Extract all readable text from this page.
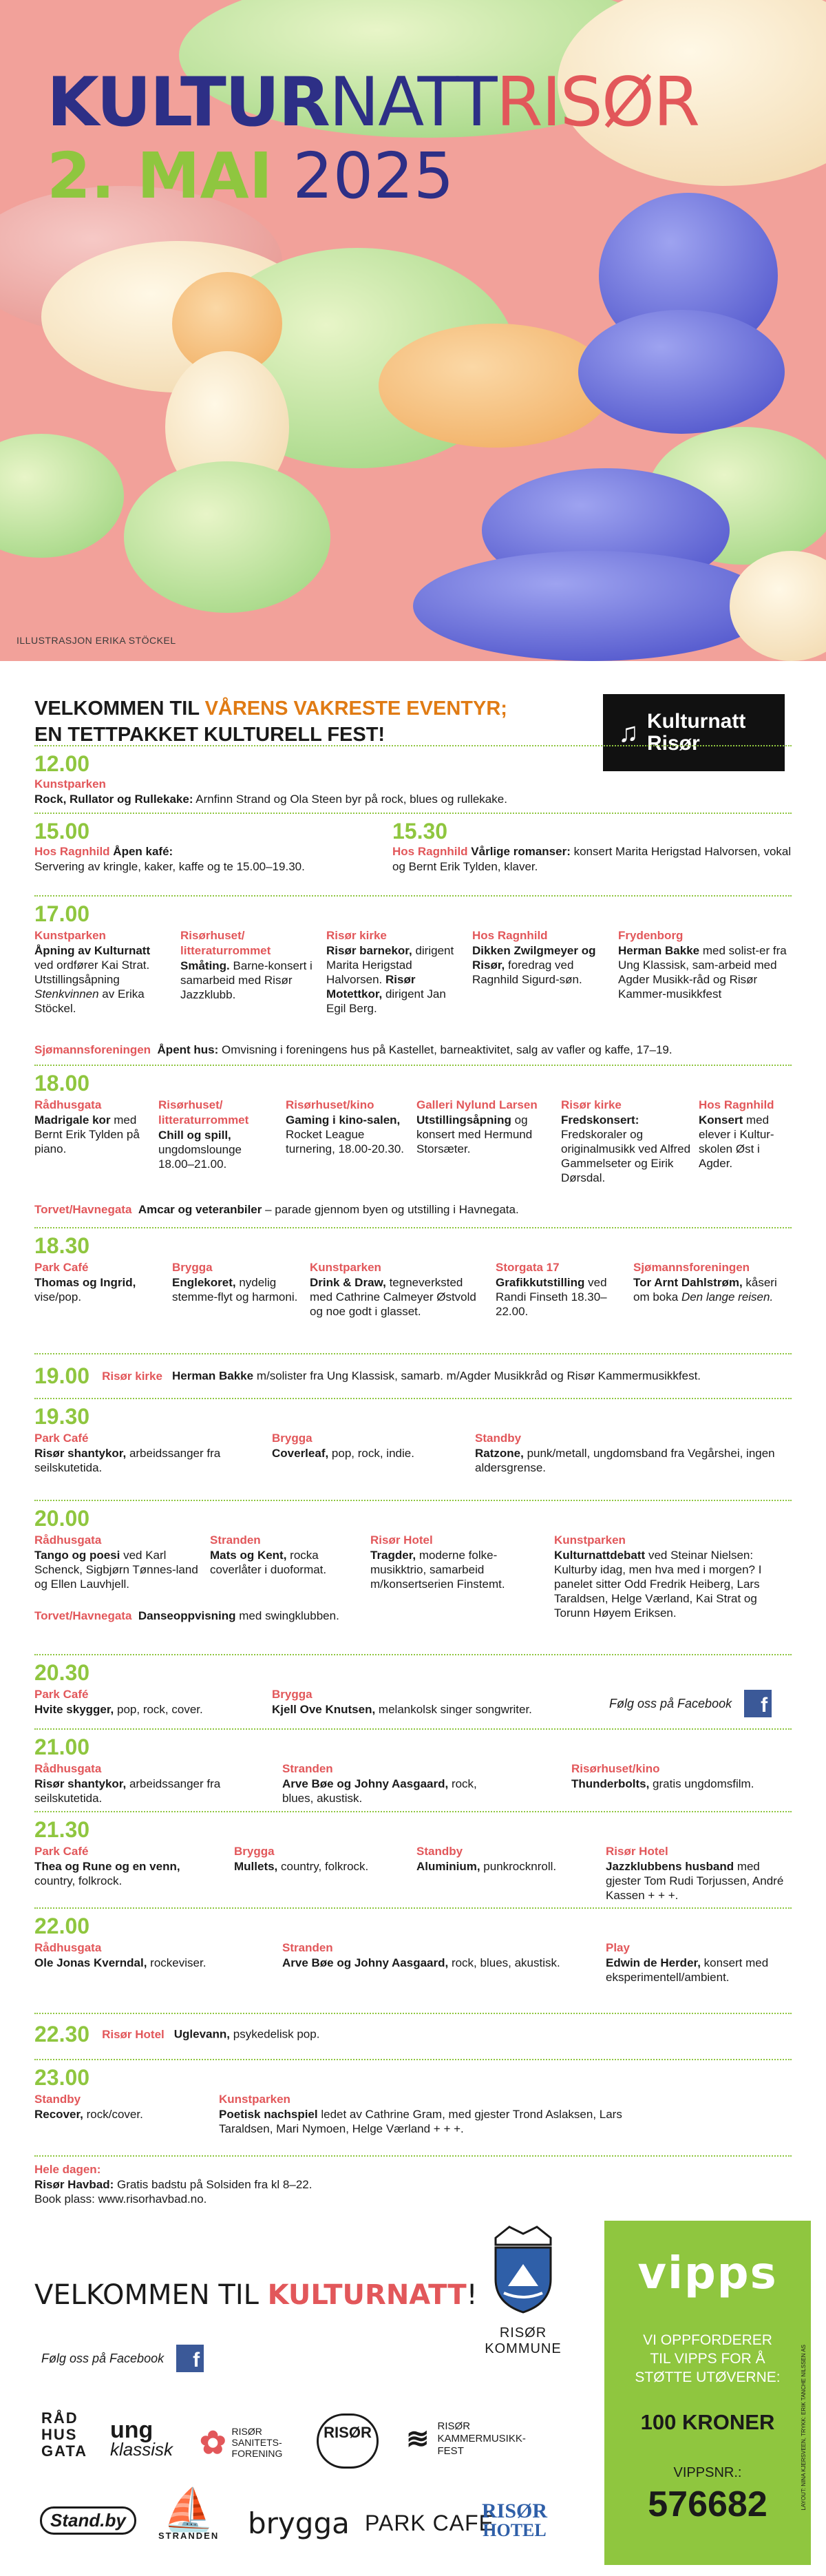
KULTURNATTRISØR
2. MAI 2025
ILLUSTRASJON ERIKA STÖCKEL
VELKOMMEN TIL VÅRENS VAKRESTE EVENTYR;
EN TETTPAKKET KULTURELL FEST!	♫ Kulturnatt
Risør
12.00
Kunstparken
Rock, Rullator og Rullekake: Arnfinn Strand og Ola Steen byr på rock, blues og rullekake.
15.00
Hos Ragnhild Åpen kafé:
Servering av kringle, kaker, kaffe og te 15.00–19.30.
15.30
Hos Ragnhild Vårlige romanser: konsert Marita Herigstad Halvorsen, vokal og Bernt Erik Tylden, klaver.
17.00
Kunstparken
Åpning av Kulturnatt ved ordfører Kai Strat. Utstillingsåpning Stenkvinnen av Erika Stöckel.
Risørhuset/ litteraturrommet
Småting. Barne-konsert i samarbeid med Risør Jazzklubb.
Risør kirke
Risør barnekor, dirigent Marita Herigstad Halvorsen. Risør Motettkor, dirigent Jan Egil Berg.
Hos Ragnhild
Dikken Zwilgmeyer og Risør, foredrag ved Ragnhild Sigurd-søn.
Frydenborg
Herman Bakke med solist-er fra Ung Klassisk, sam-arbeid med Agder Musikk-råd og Risør Kammer-musikkfest
Sjømannsforeningen Åpent hus: Omvisning i foreningens hus på Kastellet, barneaktivitet, salg av vafler og kaffe, 17–19.
18.00
Rådhusgata
Madrigale kor med Bernt Erik Tylden på piano.
Risørhuset/ litteraturrommet
Chill og spill, ungdomslounge 18.00–21.00.
Risørhuset/kino
Gaming i kino-salen, Rocket League turnering, 18.00-20.30.
Galleri Nylund Larsen
Utstillingsåpning og konsert med Hermund Storsæter.
Risør kirke
Fredskonsert: Fredskoraler og originalmusikk ved Alfred Gammelseter og Eirik Dørsdal.
Hos Ragnhild
Konsert med elever i Kultur-skolen Øst i Agder.
Torvet/Havnegata Amcar og veteranbiler – parade gjennom byen og utstilling i Havnegata.
18.30
Park Café
Thomas og Ingrid, vise/pop.
Brygga
Englekoret, nydelig stemme-flyt og harmoni.
Kunstparken
Drink & Draw, tegneverksted med Cathrine Calmeyer Østvold og noe godt i glasset.
Storgata 17
Grafikkutstilling ved Randi Finseth 18.30–22.00.
Sjømannsforeningen
Tor Arnt Dahlstrøm, kåseri om boka Den lange reisen.
19.00 Risør kirke Herman Bakke m/solister fra Ung Klassisk, samarb. m/Agder Musikkråd og Risør Kammermusikkfest.
19.30
Park Café
Risør shantykor, arbeidssanger fra seilskutetida.
Brygga
Coverleaf, pop, rock, indie.
Standby
Ratzone, punk/metall, ungdomsband fra Vegårshei, ingen aldersgrense.
20.00
Rådhusgata
Tango og poesi ved Karl Schenck, Sigbjørn Tønnes-land og Ellen Lauvhjell.
Stranden
Mats og Kent, rocka coverlåter i duoformat.
Risør Hotel
Tragder, moderne folke-musikktrio, samarbeid m/konsertserien Finstemt.
Kunstparken
Kulturnattdebatt ved Steinar Nielsen: Kulturby idag, men hva med i morgen? I panelet sitter Odd Fredrik Heiberg, Lars Taraldsen, Helge Værland, Kai Strat og Torunn Høyem Eriksen.
Torvet/Havnegata Danseoppvisning med swingklubben.
20.30
Park Café
Hvite skygger, pop, rock, cover.
Brygga
Kjell Ove Knutsen, melankolsk singer songwriter.	Følg oss på Facebook	f
21.00
Rådhusgata
Risør shantykor, arbeidssanger fra seilskutetida.
Stranden
Arve Bøe og Johny Aasgaard, rock, blues, akustisk.
Risørhuset/kino
Thunderbolts, gratis ungdomsfilm.
21.30
Park Café
Thea og Rune og en venn, country, folkrock.
Brygga
Mullets, country, folkrock.
Standby
Aluminium, punkrocknroll.
Risør Hotel
Jazzklubbens husband med gjester Tom Rudi Torjussen, André Kassen + + +.
22.00
Rådhusgata
Ole Jonas Kverndal, rockeviser.
Stranden
Arve Bøe og Johny Aasgaard, rock, blues, akustisk.
Play
Edwin de Herder, konsert med eksperimentell/ambient.
22.30 Risør Hotel Uglevann, psykedelisk pop.
23.00
Standby
Recover, rock/cover.
Kunstparken
Poetisk nachspiel ledet av Cathrine Gram, med gjester Trond Aslaksen, Lars Taraldsen, Mari Nymoen, Helge Værland + + +.
Hele dagen:
Risør Havbad: Gratis badstu på Solsiden fra kl 8–22.
Book plass: www.risorhavbad.no.
VELKOMMEN TIL KULTURNATT!
Følg oss på Facebook	f
RISØR KOMMUNE
RÅD
HUS
GATA
ung
klassisk ✿ RISØR SANITETS-FORENING
RISØR ≋ RISØR KAMMERMUSIKK-FEST
Stand.by ⛵
STRANDEN brygga PARK CAFÉ
RISØR
HOTEL
vipps
VI OPPFORDERER
TIL VIPPS FOR Å
STØTTE UTØVERNE:
100 KRONER
VIPPSNR.:
576682	LAYOUT: NINA KJERSVEEN, TRYKK: ERIK TANCHE NILSSEN AS
